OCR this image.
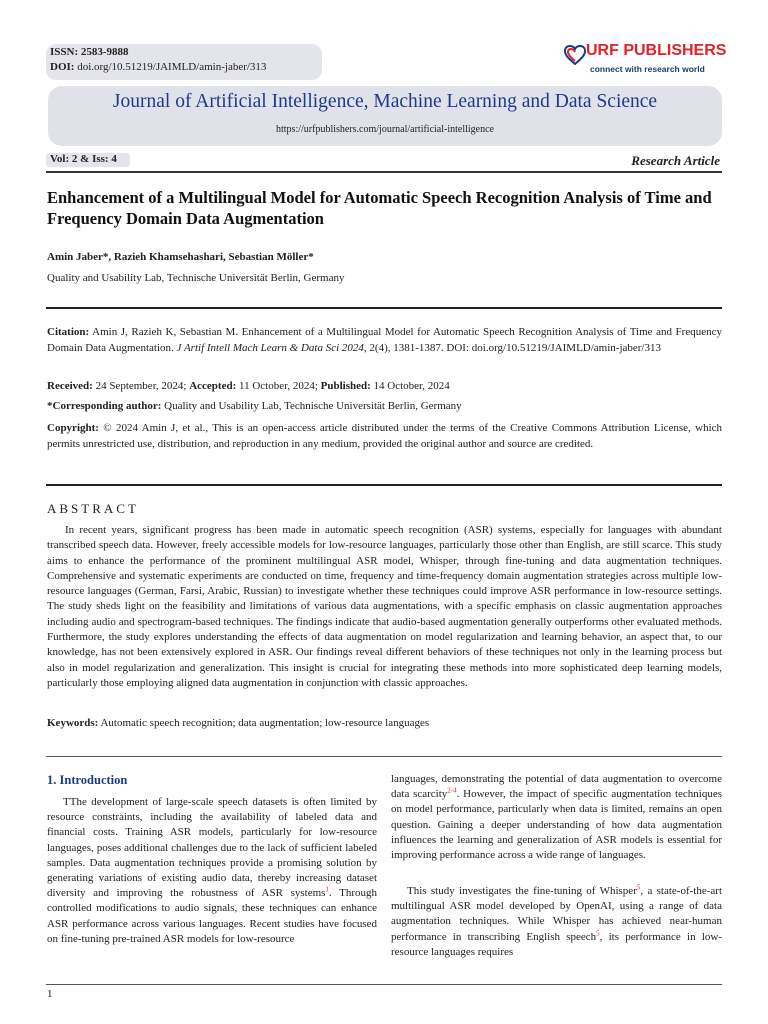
ISSN: 2583-9888
DOI: doi.org/10.51219/JAIMLD/amin-jaber/313
URF PUBLISHERS
connect with research world
Journal of Artificial Intelligence, Machine Learning and Data Science
https://urfpublishers.com/journal/artificial-intelligence
Vol: 2 & Iss: 4	Research Article
Enhancement of a Multilingual Model for Automatic Speech Recognition Analysis of Time and Frequency Domain Data Augmentation
Amin Jaber*, Razieh Khamsehashari, Sebastian Möller*
Quality and Usability Lab, Technische Universität Berlin, Germany
Citation: Amin J, Razieh K, Sebastian M. Enhancement of a Multilingual Model for Automatic Speech Recognition Analysis of Time and Frequency Domain Data Augmentation. J Artif Intell Mach Learn & Data Sci 2024, 2(4), 1381-1387. DOI: doi.org/10.51219/JAIMLD/amin-jaber/313
Received: 24 September, 2024; Accepted: 11 October, 2024; Published: 14 October, 2024
*Corresponding author: Quality and Usability Lab, Technische Universität Berlin, Germany
Copyright: © 2024 Amin J, et al., This is an open-access article distributed under the terms of the Creative Commons Attribution License, which permits unrestricted use, distribution, and reproduction in any medium, provided the original author and source are credited.
ABSTRACT
In recent years, significant progress has been made in automatic speech recognition (ASR) systems, especially for languages with abundant transcribed speech data. However, freely accessible models for low-resource languages, particularly those other than English, are still scarce. This study aims to enhance the performance of the prominent multilingual ASR model, Whisper, through fine-tuning and data augmentation techniques. Comprehensive and systematic experiments are conducted on time, frequency and time-frequency domain augmentation strategies across multiple low-resource languages (German, Farsi, Arabic, Russian) to investigate whether these techniques could improve ASR performance in low-resource settings. The study sheds light on the feasibility and limitations of various data augmentations, with a specific emphasis on classic augmentation approaches including audio and spectrogram-based techniques. The findings indicate that audio-based augmentation generally outperforms other evaluated methods. Furthermore, the study explores understanding the effects of data augmentation on model regularization and learning behavior, an aspect that, to our knowledge, has not been extensively explored in ASR. Our findings reveal different behaviors of these techniques not only in the learning process but also in model regularization and generalization. This insight is crucial for integrating these methods into more sophisticated deep learning models, particularly those employing aligned data augmentation in conjunction with classic approaches.
Keywords: Automatic speech recognition; data augmentation; low-resource languages
1. Introduction
TThe development of large-scale speech datasets is often limited by resource constraints, including the availability of labeled data and financial costs. Training ASR models, particularly for low-resource languages, poses additional challenges due to the lack of sufficient labeled samples. Data augmentation techniques provide a promising solution by generating variations of existing audio data, thereby increasing dataset diversity and improving the robustness of ASR systems$^1$. Through controlled modifications to audio signals, these techniques can enhance ASR performance across various languages. Recent studies have focused on fine-tuning pre-trained ASR models for low-resource
languages, demonstrating the potential of data augmentation to overcome data scarcity$^{2-4}$. However, the impact of specific augmentation techniques on model performance, particularly when data is limited, remains an open question. Gaining a deeper understanding of how data augmentation influences the learning and generalization of ASR models is essential for improving performance across a wide range of languages.
This study investigates the fine-tuning of Whisper$^5$, a state-of-the-art multilingual ASR model developed by OpenAI, using a range of data augmentation techniques. While Whisper has achieved near-human performance in transcribing English speech$^5$, its performance in low-resource languages requires
1
